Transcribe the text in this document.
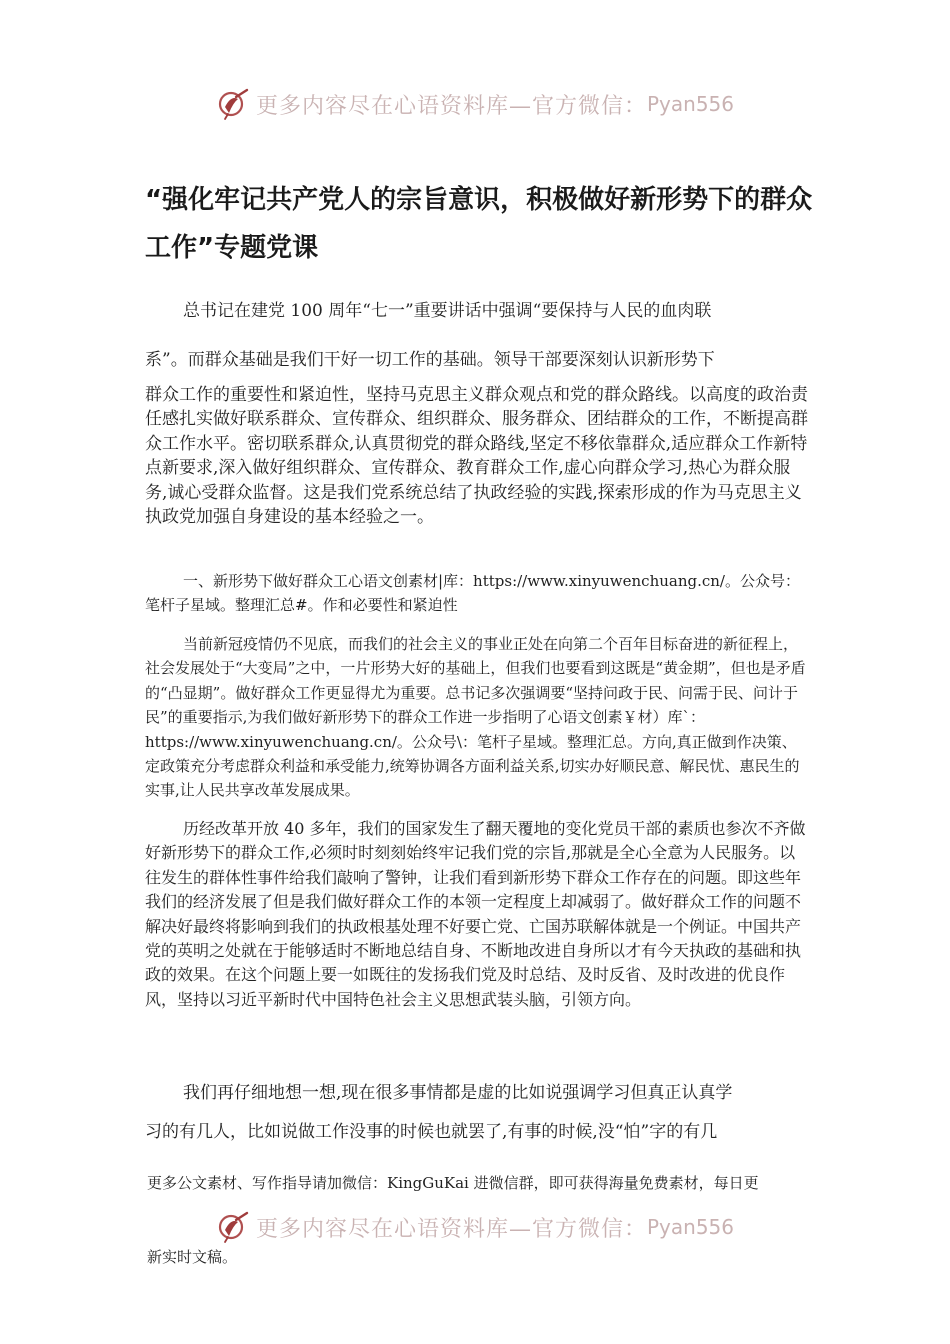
更多内容尽在心语资料库—官方微信： Pyan556
“强化牢记共产党人的宗旨意识，积极做好新形势下的群众工作”专题党课

总书记在建党 100 周年“七一”重要讲话中强调“要保持与人民的血肉联

系”。而群众基础是我们干好一切工作的基础。领导干部要深刻认识新形势下

群众工作的重要性和紧迫性，坚持马克思主义群众观点和党的群众路线。以高度的政治责任感扎实做好联系群众、宣传群众、组织群众、服务群众、团结群众的工作，不断提高群众工作水平。密切联系群众,认真贯彻党的群众路线,坚定不移依靠群众,适应群众工作新特点新要求,深入做好组织群众、宣传群众、教育群众工作,虚心向群众学习,热心为群众服务,诚心受群众监督。这是我们党系统总结了执政经验的实践,探索形成的作为马克思主义执政党加强自身建设的基本经验之一。

一、新形势下做好群众工心语文创素材|库：https://www.xinyuwenchuang.cn/。公众号：笔杆子星域。整理汇总#。作和必要性和紧迫性

当前新冠疫情仍不见底，而我们的社会主义的事业正处在向第二个百年目标奋进的新征程上，社会发展处于“大变局”之中，一片形势大好的基础上，但我们也要看到这既是“黄金期”，但也是矛盾的“凸显期”。做好群众工作更显得尤为重要。总书记多次强调要“坚持问政于民、问需于民、问计于民”的重要指示,为我们做好新形势下的群众工作进一步指明了心语文创素￥材）库`：https://www.xinyuwenchuang.cn/。公众号\：笔杆子星域。整理汇总。方向,真正做到作决策、定政策充分考虑群众利益和承受能力,统筹协调各方面利益关系,切实办好顺民意、解民忧、惠民生的实事,让人民共享改革发展成果。

历经改革开放 40 多年，我们的国家发生了翻天覆地的变化党员干部的素质也参次不齐做好新形势下的群众工作,必须时时刻刻始终牢记我们党的宗旨,那就是全心全意为人民服务。以往发生的群体性事件给我们敲响了警钟，让我们看到新形势下群众工作存在的问题。即这些年我们的经济发展了但是我们做好群众工作的本领一定程度上却减弱了。做好群众工作的问题不解决好最终将影响到我们的执政根基处理不好要亡党、亡国苏联解体就是一个例证。中国共产党的英明之处就在于能够适时不断地总结自身、不断地改进自身所以才有今天执政的基础和执政的效果。在这个问题上要一如既往的发扬我们党及时总结、及时反省、及时改进的优良作风，坚持以习近平新时代中国特色社会主义思想武装头脑，引领方向。

我们再仔细地想一想,现在很多事情都是虚的比如说强调学习但真正认真学

习的有几人，比如说做工作没事的时候也就罢了,有事的时候,没“怕”字的有几

更多公文素材、写作指导请加微信：KingGuKai 进微信群，即可获得海量免费素材，每日更

更多内容尽在心语资料库—官方微信： Pyan556

新实时文稿。
